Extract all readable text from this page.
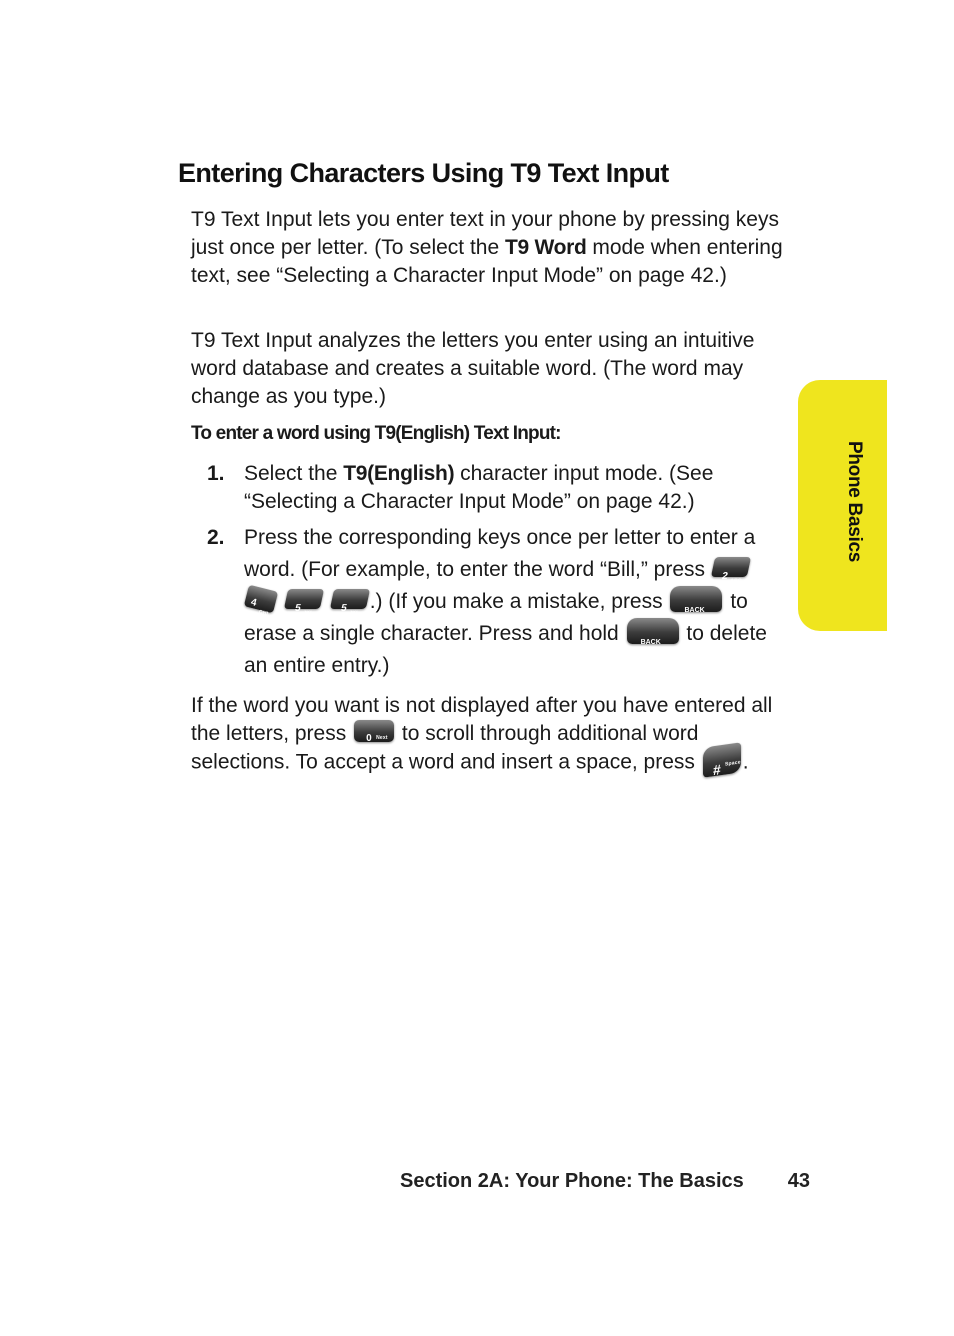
Entering Characters Using T9 Text Input

T9 Text Input lets you enter text in your phone by pressing keys just once per letter. (To select the T9 Word mode when entering text, see “Selecting a Character Input Mode” on page 42.)

T9 Text Input analyzes the letters you enter using an intuitive word database and creates a suitable word. (The word may change as you type.)

To enter a word using T9(English) Text Input:
1. Select the T9(English) character input mode. (See “Selecting a Character Input Mode” on page 42.)

2. Press the corresponding keys once per letter to enter a word. (For example, to enter the word “Bill,” press 2 ABC

4
GHI
	5 JKL
	5 JKL
.) (If you make a mistake, press	BACK to erase a single character. Press and hold	BACK to delete an entire entry.)

If the word you want is not displayed after you have entered all the letters, press 0 Next to scroll through additional word selections. To accept a word and insert a space, press # Space .

Phone Basics
Section 2A: Your Phone: The Basics 43
